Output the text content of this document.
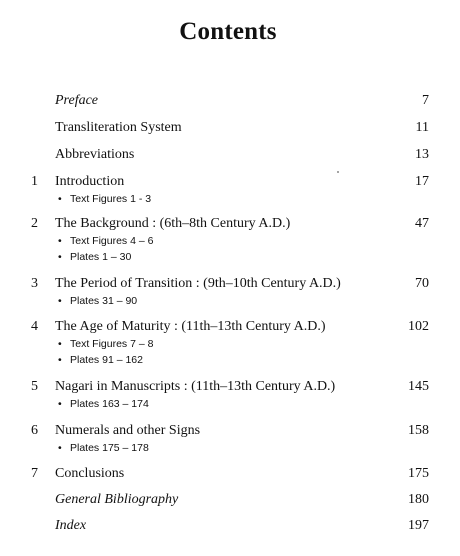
Contents
Preface	7
Transliteration System	11
Abbreviations	13
1 Introduction	17
• Text Figures 1 - 3
2 The Background : (6th–8th Century A.D.)	47
• Text Figures 4 – 6
• Plates 1 – 30
3 The Period of Transition : (9th–10th Century A.D.)	70
• Plates 31 – 90
4 The Age of Maturity : (11th–13th Century A.D.)	102
• Text Figures 7 – 8
• Plates 91 – 162
5 Nagari in Manuscripts : (11th–13th Century A.D.)	145
• Plates 163 – 174
6 Numerals and other Signs	158
• Plates 175 – 178
7 Conclusions	175
General Bibliography	180
Index	197
